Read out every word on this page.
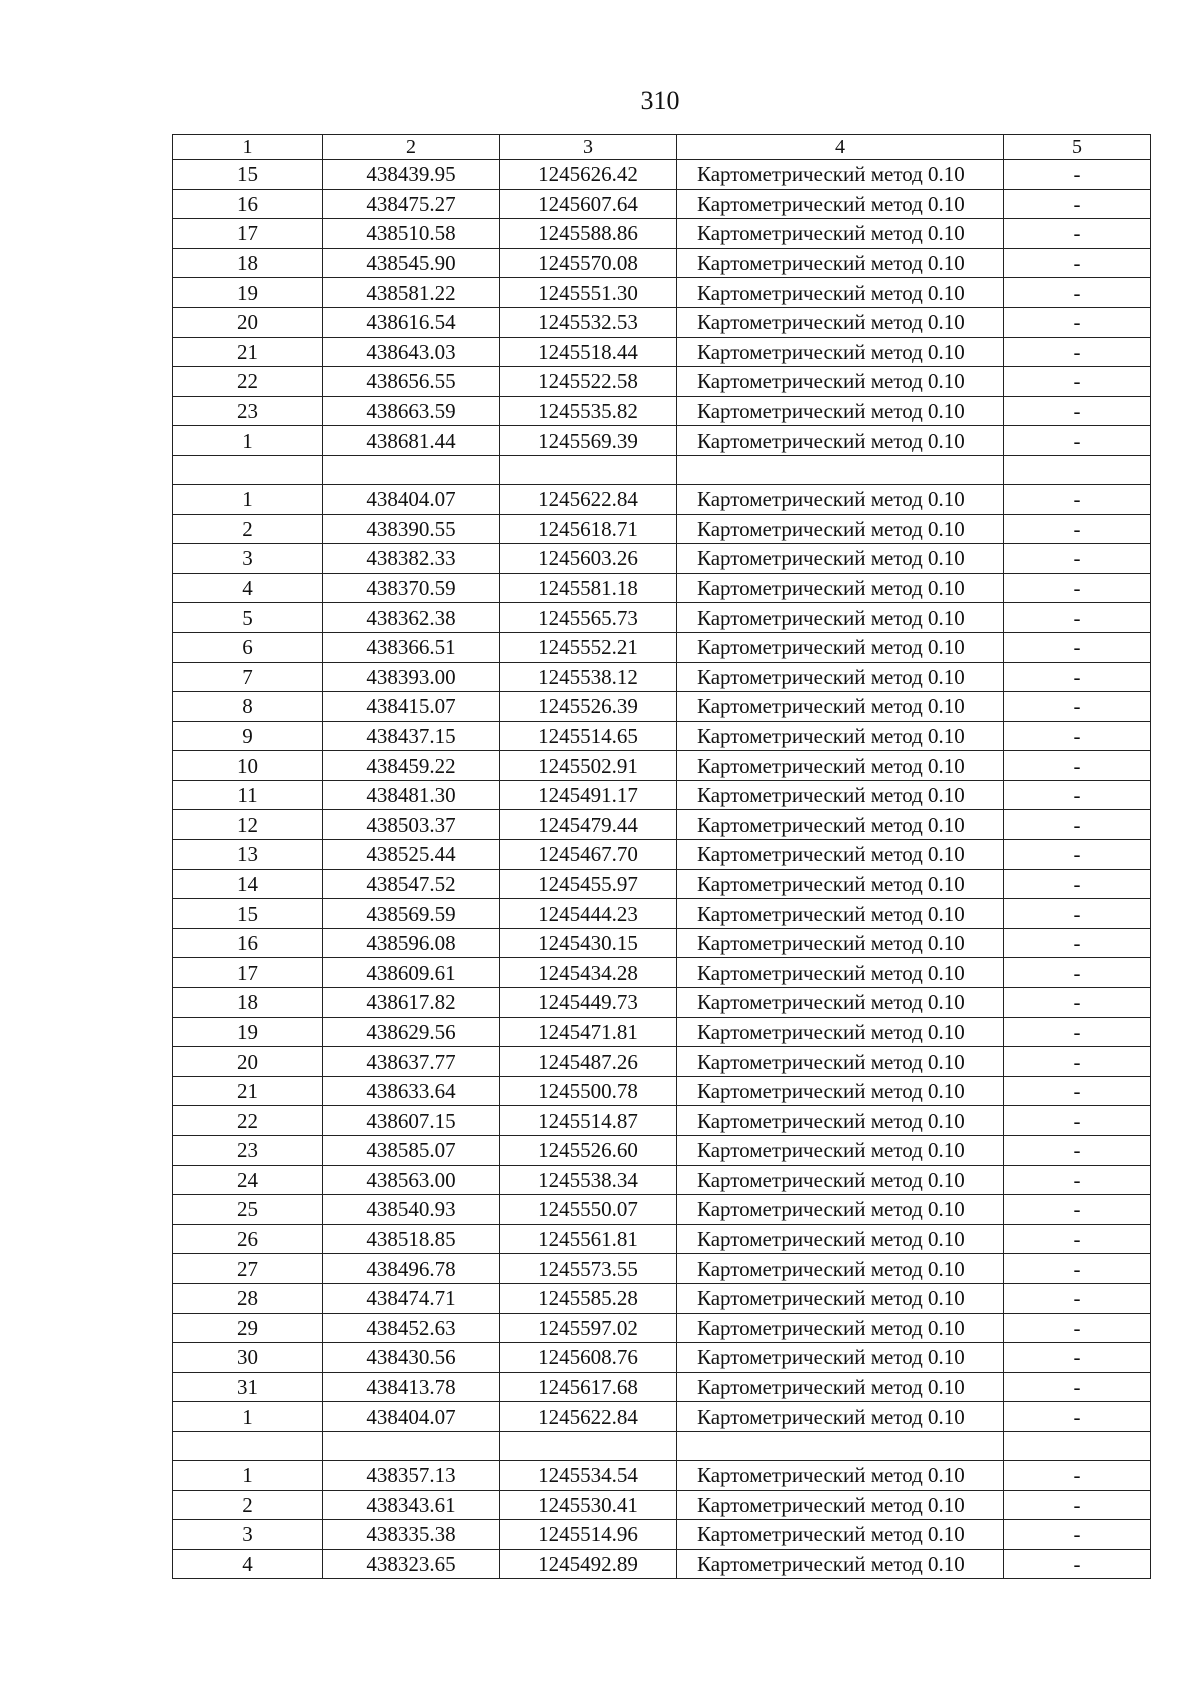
310
1	2	3	4	5
15	438439.95	1245626.42	Картометрический метод 0.10	-
16	438475.27	1245607.64	Картометрический метод 0.10	-
17	438510.58	1245588.86	Картометрический метод 0.10	-
18	438545.90	1245570.08	Картометрический метод 0.10	-
19	438581.22	1245551.30	Картометрический метод 0.10	-
20	438616.54	1245532.53	Картометрический метод 0.10	-
21	438643.03	1245518.44	Картометрический метод 0.10	-
22	438656.55	1245522.58	Картометрический метод 0.10	-
23	438663.59	1245535.82	Картометрический метод 0.10	-
1	438681.44	1245569.39	Картометрический метод 0.10	-

1	438404.07	1245622.84	Картометрический метод 0.10	-
2	438390.55	1245618.71	Картометрический метод 0.10	-
3	438382.33	1245603.26	Картометрический метод 0.10	-
4	438370.59	1245581.18	Картометрический метод 0.10	-
5	438362.38	1245565.73	Картометрический метод 0.10	-
6	438366.51	1245552.21	Картометрический метод 0.10	-
7	438393.00	1245538.12	Картометрический метод 0.10	-
8	438415.07	1245526.39	Картометрический метод 0.10	-
9	438437.15	1245514.65	Картометрический метод 0.10	-
10	438459.22	1245502.91	Картометрический метод 0.10	-
11	438481.30	1245491.17	Картометрический метод 0.10	-
12	438503.37	1245479.44	Картометрический метод 0.10	-
13	438525.44	1245467.70	Картометрический метод 0.10	-
14	438547.52	1245455.97	Картометрический метод 0.10	-
15	438569.59	1245444.23	Картометрический метод 0.10	-
16	438596.08	1245430.15	Картометрический метод 0.10	-
17	438609.61	1245434.28	Картометрический метод 0.10	-
18	438617.82	1245449.73	Картометрический метод 0.10	-
19	438629.56	1245471.81	Картометрический метод 0.10	-
20	438637.77	1245487.26	Картометрический метод 0.10	-
21	438633.64	1245500.78	Картометрический метод 0.10	-
22	438607.15	1245514.87	Картометрический метод 0.10	-
23	438585.07	1245526.60	Картометрический метод 0.10	-
24	438563.00	1245538.34	Картометрический метод 0.10	-
25	438540.93	1245550.07	Картометрический метод 0.10	-
26	438518.85	1245561.81	Картометрический метод 0.10	-
27	438496.78	1245573.55	Картометрический метод 0.10	-
28	438474.71	1245585.28	Картометрический метод 0.10	-
29	438452.63	1245597.02	Картометрический метод 0.10	-
30	438430.56	1245608.76	Картометрический метод 0.10	-
31	438413.78	1245617.68	Картометрический метод 0.10	-
1	438404.07	1245622.84	Картометрический метод 0.10	-

1	438357.13	1245534.54	Картометрический метод 0.10	-
2	438343.61	1245530.41	Картометрический метод 0.10	-
3	438335.38	1245514.96	Картометрический метод 0.10	-
4	438323.65	1245492.89	Картометрический метод 0.10	-
